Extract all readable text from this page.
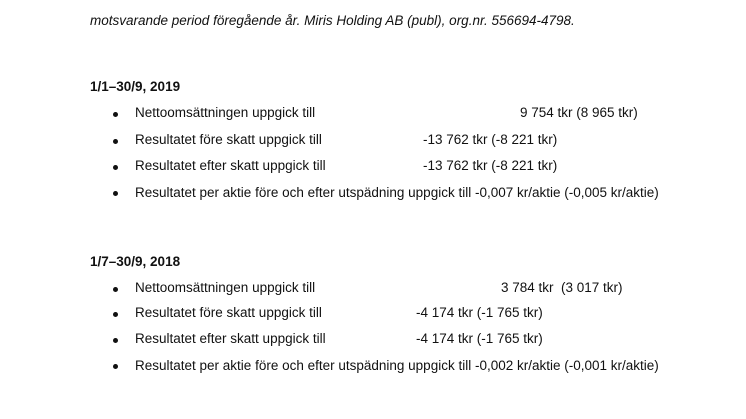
motsvarande period föregående år. Miris Holding AB (publ), org.nr. 556694-4798.
1/1–30/9, 2019
Nettoomsättningen uppgick till	9 754 tkr (8 965 tkr)
Resultatet före skatt uppgick till	-13 762 tkr (-8 221 tkr)
Resultatet efter skatt uppgick till	-13 762 tkr (-8 221 tkr)
Resultatet per aktie före och efter utspädning uppgick till -0,007 kr/aktie (-0,005 kr/aktie)
1/7–30/9, 2018
Nettoomsättningen uppgick till	3 784 tkr  (3 017 tkr)
Resultatet före skatt uppgick till	-4 174 tkr (-1 765 tkr)
Resultatet efter skatt uppgick till	-4 174 tkr (-1 765 tkr)
Resultatet per aktie före och efter utspädning uppgick till -0,002 kr/aktie (-0,001 kr/aktie)
